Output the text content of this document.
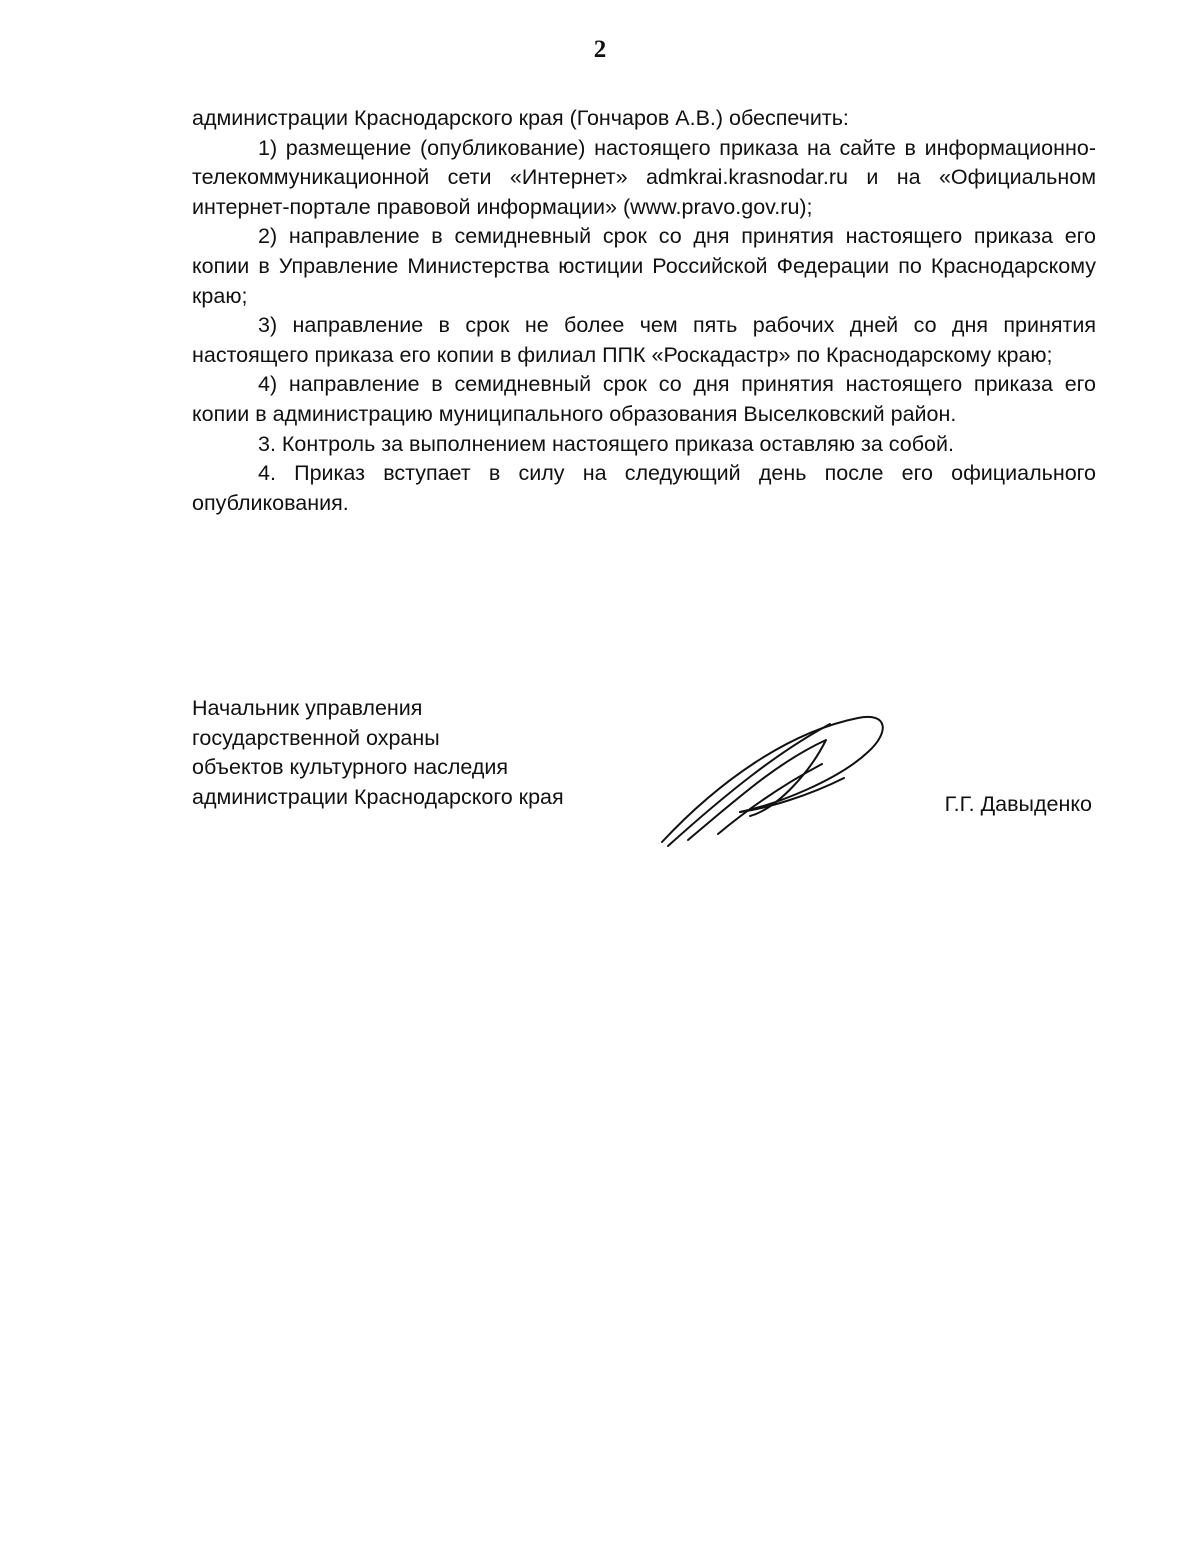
2

администрации Краснодарского края (Гончаров А.В.) обеспечить:

1) размещение (опубликование) настоящего приказа на сайте в информационно-телекоммуникационной сети «Интернет» admkrai.krasnodar.ru и на «Официальном интернет-портале правовой информации» (www.pravo.gov.ru);

2) направление в семидневный срок со дня принятия настоящего приказа его копии в Управление Министерства юстиции Российской Федерации по Краснодарскому краю;

3) направление в срок не более чем пять рабочих дней со дня принятия настоящего приказа его копии в филиал ППК «Роскадастр» по Краснодарскому краю;

4) направление в семидневный срок со дня принятия настоящего приказа его копии в администрацию муниципального образования Выселковский район.

3. Контроль за выполнением настоящего приказа оставляю за собой.

4. Приказ вступает в силу на следующий день после его официального опубликования.

Начальник управления
государственной охраны
объектов культурного наследия
администрации Краснодарского края	Г.Г. Давыденко
